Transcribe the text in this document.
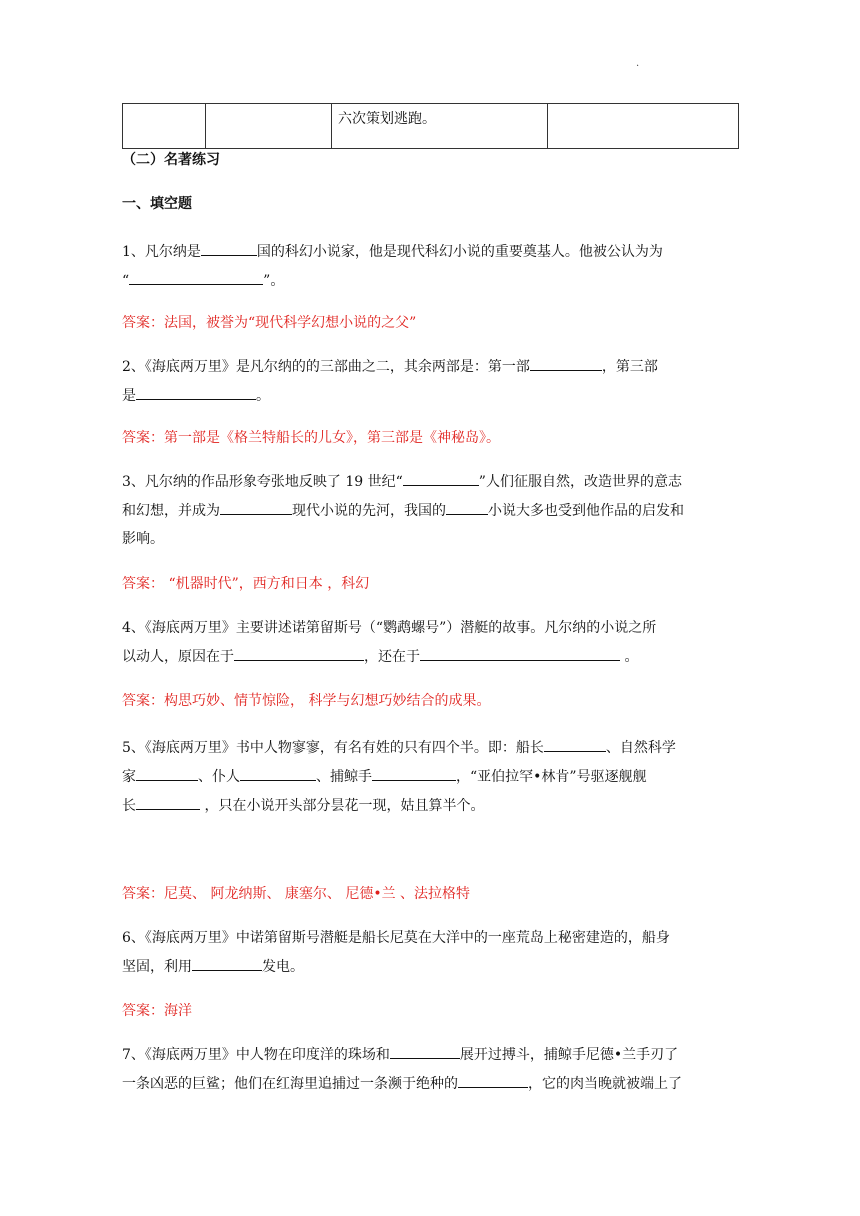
.
		六次策划逃跑。	
（二）名著练习
一、填空题
1、凡尔纳是	国的科幻小说家，他是现代科幻小说的重要奠基人。他被公认为为
“	”。
答案：法国，被誉为“现代科学幻想小说的之父”
2、《海底两万里》是凡尔纳的的三部曲之二，其余两部是：第一部	，第三部
是	。
答案：第一部是《格兰特船长的儿女》，第三部是《神秘岛》。
3、凡尔纳的作品形象夸张地反映了 19 世纪“	”人们征服自然，改造世界的意志
和幻想，并成为	现代小说的先河，我国的	小说大多也受到他作品的启发和
影响。
答案： “机器时代”，西方和日本 ，科幻
4、《海底两万里》主要讲述诺第留斯号（“鹦鹉螺号”）潜艇的故事。凡尔纳的小说之所
以动人，原因在于	，还在于	。
答案：构思巧妙、情节惊险， 科学与幻想巧妙结合的成果。
5、《海底两万里》书中人物寥寥，有名有姓的只有四个半。即：船长	、自然科学
家	、仆人	、捕鲸手	，“亚伯拉罕•林肯”号驱逐舰舰
长	，只在小说开头部分昙花一现，姑且算半个。
答案：尼莫、 阿龙纳斯、 康塞尔、 尼德•兰 、法拉格特
6、《海底两万里》中诺第留斯号潜艇是船长尼莫在大洋中的一座荒岛上秘密建造的，船身
坚固，利用	发电。
答案：海洋
7、《海底两万里》中人物在印度洋的珠场和	展开过搏斗，捕鲸手尼德•兰手刃了
一条凶恶的巨鲨；他们在红海里追捕过一条濒于绝种的	，它的肉当晚就被端上了
